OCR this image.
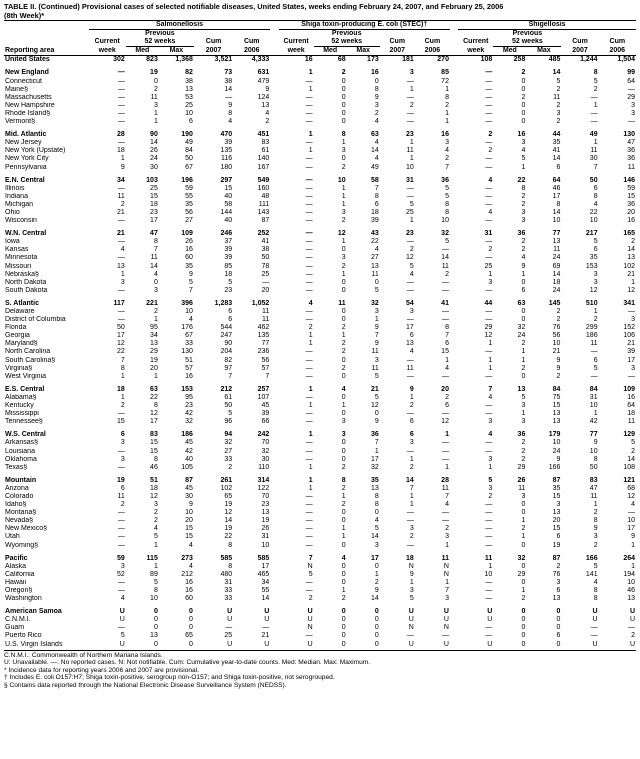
TABLE II. (Continued) Provisional cases of selected notifiable diseases, United States, weeks ending February 24, 2007, and February 25, 2006
(8th Week)*
	Salmonellosis						Shiga toxin-producing E. coli (STEC)†						Shigellosis				
		Previous						Previous						Previous			
	Current	52 weeks		Cum	Cum		Current	52 weeks		Cum	Cum		Current	52 weeks		Cum	Cum
Reporting area	week	Med	Max	2007	2006		week	Med	Max	2007	2006		week	Med	Max	2007	2006
United States	302	823	1,368	3,521	4,333		16	68	173	181	270		108	258	485	1,244	1,504
New England	—	19	82	73	631		1	2	16	3	85		—	2	14	8	99
Connecticut	—	0	38	38	479		—	0	0	—	72		—	0	5	5	64
Maine§	—	2	13	14	9		1	0	8	1	1		—	0	2	2	—
Massachusetts	—	11	53	—	124		—	0	9	—	8		—	2	11	—	29
New Hampshire	—	3	25	9	13		—	0	3	2	2		—	0	2	1	3
Rhode Island§	—	1	10	8	4		—	0	2	—	1		—	0	3	—	3
Vermont§	—	1	6	4	2		—	0	4	—	1		—	0	2	—	—
Mid. Atlantic	28	90	190	470	451		1	8	63	23	16		2	16	44	49	130
New Jersey	—	14	49	39	83		—	1	4	1	3		—	3	35	1	47
New York (Upstate)	18	26	84	135	61		1	3	14	11	4		2	4	41	11	36
New York City	1	24	50	116	140		—	0	4	1	2		—	5	14	30	36
Pennsylvania	9	30	67	180	167		—	2	49	10	7		—	1	6	7	11
E.N. Central	34	103	196	297	549		—	10	58	31	36		4	22	64	50	146
Illinois	—	25	59	15	160		—	1	7	—	5		—	8	46	6	59
Indiana	11	15	55	40	48		—	1	8	—	5		—	2	17	8	15
Michigan	2	18	35	58	111		—	1	6	5	8		—	2	8	4	36
Ohio	21	23	56	144	143		—	3	18	25	8		4	3	14	22	20
Wisconsin	—	17	27	40	87		—	2	39	1	10		—	3	10	10	16
W.N. Central	21	47	109	246	252		—	12	43	23	32		31	36	77	217	165
Iowa	—	8	26	37	41		—	1	22	—	5		—	2	13	5	2
Kansas	4	7	16	39	38		—	0	4	2	—		2	2	11	6	14
Minnesota	—	11	60	39	50		—	3	27	12	14		—	4	24	35	13
Missouri	13	14	35	85	78		—	2	13	5	11		25	9	69	153	102
Nebraska§	1	4	9	18	25		—	1	11	4	2		1	1	14	3	21
North Dakota	3	0	5	5	—		—	0	0	—	—		3	0	18	3	1
South Dakota	—	3	7	23	20		—	0	5	—	—		—	6	24	12	12
S. Atlantic	117	221	396	1,283	1,052		4	11	32	54	41		44	63	145	510	341
Delaware	—	2	10	6	11		—	0	3	3	—		—	0	2	1	—
District of Columbia	—	1	4	6	11		—	0	1	—	—		—	0	2	2	3
Florida	50	95	176	544	462		2	2	9	17	8		29	32	76	299	152
Georgia	17	34	67	247	135		1	1	7	6	7		12	24	56	186	106
Maryland§	12	13	33	90	77		1	2	9	13	6		1	2	10	11	21
North Carolina	22	29	130	204	236		—	2	11	4	15		—	1	21	—	39
South Carolina§	7	19	51	82	56		—	0	3	—	1		1	1	9	6	17
Virginia§	8	20	57	97	57		—	2	11	11	4		1	2	9	5	3
West Virginia	1	1	16	7	7		—	0	5	—	—		—	0	2	—	—
E.S. Central	18	63	153	212	257		1	4	21	9	20		7	13	84	84	109
Alabama§	1	22	95	61	107		—	0	5	1	2		4	5	75	31	16
Kentucky	2	8	23	50	45		1	1	12	2	6		—	3	15	10	64
Mississippi	—	12	42	5	39		—	0	0	—	—		—	1	13	1	18
Tennessee§	15	17	32	96	66		—	3	9	6	12		3	3	13	42	11
W.S. Central	6	83	186	94	242		1	3	36	6	1		4	36	179	77	129
Arkansas§	3	15	45	32	70		—	0	7	3	—		—	2	10	9	5
Louisiana	—	15	42	27	32		—	0	1	—	—		—	2	24	10	2
Oklahoma	3	8	40	33	30		—	0	17	1	—		3	2	9	8	14
Texas§	—	46	105	2	110		1	2	32	2	1		1	29	166	50	108
Mountain	19	51	87	261	314		1	8	35	14	28		5	26	87	83	121
Arizona	6	18	45	102	122		1	2	13	7	11		3	11	35	47	68
Colorado	11	12	30	65	70		—	1	8	1	7		2	3	15	11	12
Idaho§	2	3	9	19	23		—	2	8	1	4		—	0	3	1	4
Montana§	—	2	10	12	13		—	0	0	—	—		—	0	13	2	—
Nevada§	—	2	20	14	19		—	0	4	—	—		—	1	20	8	10
New Mexico§	—	4	15	19	26		—	1	5	3	2		—	2	15	9	17
Utah	—	5	15	22	31		—	1	14	2	3		—	1	6	3	9
Wyoming§	—	1	4	8	10		—	0	3	—	1		—	0	19	2	1
Pacific	59	115	273	585	585		7	4	17	18	11		11	32	87	166	264
Alaska	3	1	4	8	17		N	0	0	N	N		1	0	2	5	1
California	52	89	212	480	465		5	0	1	9	N		10	29	76	141	194
Hawaii	—	5	16	31	34		—	0	2	1	1		—	0	3	4	10
Oregon§	—	8	16	33	55		—	1	9	3	7		—	1	6	8	46
Washington	4	10	60	33	14		2	2	14	5	3		—	2	13	8	13
American Samoa	U	0	0	U	U		U	0	0	U	U		U	0	0	U	U
C.N.M.I.	U	0	0	U	U		U	0	0	U	U		U	0	0	U	U
Guam	—	0	0	—	—		N	0	0	N	N		—	0	0	—	—
Puerto Rico	5	13	65	25	21		—	0	0	—	—		—	0	6	—	2
U.S. Virgin Islands	U	0	0	U	U		U	0	0	U	U		U	0	0	U	U
C.N.M.I.: Commonwealth of Northern Mariana Islands.
U: Unavailable. —: No reported cases. N: Not notifiable. Cum: Cumulative year-to-date counts. Med: Median. Max: Maximum.
* Incidence data for reporting years 2006 and 2007 are provisional.
† Includes E. coli O157:H7; Shiga toxin-positive, serogroup non-O157; and Shiga toxin-positive, not serogrouped.
§ Contains data reported through the National Electronic Disease Surveillance System (NEDSS).
